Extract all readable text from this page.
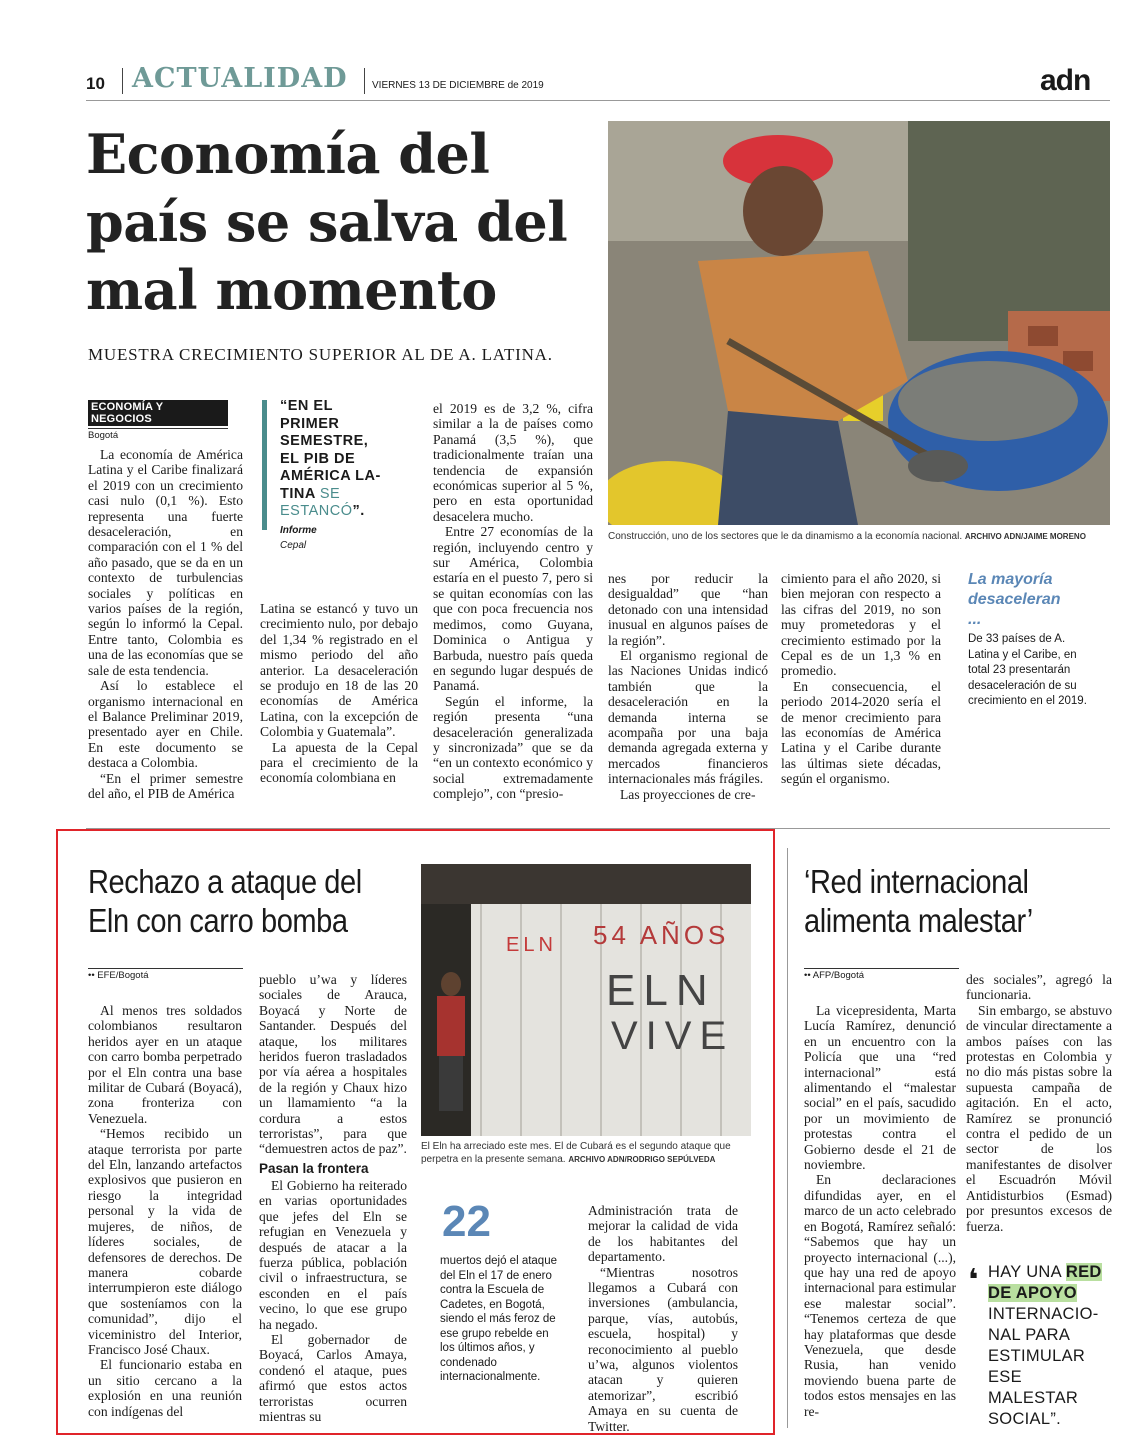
10 ACTUALIDAD VIERNES 13 DE DICIEMBRE de 2019	adn
Economía del país se salva del mal momento
MUESTRA CRECIMIENTO SUPERIOR AL DE A. LATINA.
Construcción, uno de los sectores que le da dinamismo a la economía nacional. ARCHIVO ADN/JAIME MORENO
ECONOMÍA Y NEGOCIOS
Bogotá

La economía de América Latina y el Caribe finalizará el 2019 con un crecimiento casi nulo (0,1 %). Esto representa una fuerte desaceleración, en comparación con el 1 % del año pasado, que se da en un contexto de turbulencias sociales y políticas en varios países de la región, según lo informó la Cepal. Entre tanto, Colombia es una de las economías que se sale de esta tendencia.

Así lo establece el organismo internacional en el Balance Preliminar 2019, presentado ayer en Chile. En este documento se destaca a Colombia.

“En el primer semestre del año, el PIB de América

“EN EL
PRIMER
SEMESTRE,
EL PIB DE
AMÉRICA LA-
TINA SE
ESTANCÓ”.
Informe
Cepal

Latina se estancó y tuvo un crecimiento nulo, por debajo del 1,34 % registrado en el mismo periodo del año anterior. La desaceleración se produjo en 18 de las 20 economías de América Latina, con la excepción de Colombia y Guatemala”.

La apuesta de la Cepal para el crecimiento de la economía colombiana en

el 2019 es de 3,2 %, cifra similar a la de países como Panamá (3,5 %), que tradicionalmente traían una tendencia de expansión económicas superior al 5 %, pero en esta oportunidad desacelera mucho.

Entre 27 economías de la región, incluyendo centro y sur América, Colombia estaría en el puesto 7, pero si se quitan economías con las que con poca frecuencia nos medimos, como Guyana, Dominica o Antigua y Barbuda, nuestro país queda en segundo lugar después de Panamá.

Según el informe, la región presenta “una desaceleración generalizada y sincronizada” que se da “en un contexto económico y social extremadamente complejo”, con “presio-

nes por reducir la desigualdad” que “han detonado con una intensidad inusual en algunos países de la región”.

El organismo regional de las Naciones Unidas indicó también que la desaceleración en la demanda interna se acompaña por una baja demanda agregada externa y mercados financieros internacionales más frágiles.

Las proyecciones de cre-

cimiento para el año 2020, si bien mejoran con respecto a las cifras del 2019, no son muy prometedoras y el crecimiento estimado por la Cepal es de un 1,3 % en promedio.

En consecuencia, el periodo 2014-2020 sería el de menor crecimiento para las economías de América Latina y el Caribe durante las últimas siete décadas, según el organismo.

La mayoría
desaceleran
...
De 33 países de A. Latina y el Caribe, en total 23 presentarán desaceleración de su crecimiento en el 2019.
Rechazo a ataque del
Eln con carro bomba
•• EFE/Bogotá

Al menos tres soldados colombianos resultaron heridos ayer en un ataque con carro bomba perpetrado por el Eln contra una base militar de Cubará (Boyacá), zona fronteriza con Venezuela.

“Hemos recibido un ataque terrorista por parte del Eln, lanzando artefactos explosivos que pusieron en riesgo la integridad personal y la vida de mujeres, de niños, de líderes sociales, de defensores de derechos. De manera cobarde interrumpieron este diálogo que sosteníamos con la comunidad”, dijo el viceministro del Interior, Francisco José Chaux.

El funcionario estaba en un sitio cercano a la explosión en una reunión con indígenas del

pueblo u’wa y líderes sociales de Arauca, Boyacá y Norte de Santander. Después del ataque, los militares heridos fueron trasladados por vía aérea a hospitales de la región y Chaux hizo un llamamiento “a la cordura a estos terroristas”, para que “demuestren actos de paz”.

Pasan la frontera

El Gobierno ha reiterado en varias oportunidades que jefes del Eln se refugian en Venezuela y después de atacar a la fuerza pública, población civil o infraestructura, se esconden en el país vecino, lo que ese grupo ha negado.

El gobernador de Boyacá, Carlos Amaya, condenó el ataque, pues afirmó que estos actos terroristas ocurren mientras su

ELN 54 AÑOS
ELN
VIVE
El Eln ha arreciado este mes. El de Cubará es el segundo ataque que perpetra en la presente semana. ARCHIVO ADN/RODRIGO SEPÚLVEDA
22
muertos dejó el ataque del Eln el 17 de enero contra la Escuela de Cadetes, en Bogotá, siendo el más feroz de ese grupo rebelde en los últimos años, y condenado internacionalmente.

Administración trata de mejorar la calidad de vida de los habitantes del departamento.

“Mientras nosotros llegamos a Cubará con inversiones (ambulancia, parque, vías, autobús, escuela, hospital) y reconocimiento al pueblo u’wa, algunos violentos atacan y quieren atemorizar”, escribió Amaya en su cuenta de Twitter.

‘Red internacional
alimenta malestar’
•• AFP/Bogotá

La vicepresidenta, Marta Lucía Ramírez, denunció en un encuentro con la Policía que una “red internacional” está alimentando el “malestar social” en el país, sacudido por un movimiento de protestas contra el Gobierno desde el 21 de noviembre.

En declaraciones difundidas ayer, en el marco de un acto celebrado en Bogotá, Ramírez señaló: “Sabemos que hay un proyecto internacional (...), que hay una red de apoyo internacional para estimular ese malestar social”. “Tenemos certeza de que hay plataformas que desde Venezuela, que desde Rusia, han venido moviendo buena parte de todos estos mensajes en las re-

des sociales”, agregó la funcionaria.

Sin embargo, se abstuvo de vincular directamente a ambos países con las protestas en Colombia y no dio más pistas sobre la supuesta campaña de agitación. En el acto, Ramírez se pronunció contra el pedido de un sector de los manifestantes de disolver el Escuadrón Móvil Antidisturbios (Esmad) por presuntos excesos de fuerza.

❛ HAY UNA RED
DE APOYO
INTERNACIO-
NAL PARA
ESTIMULAR
ESE MALESTAR
SOCIAL”.
